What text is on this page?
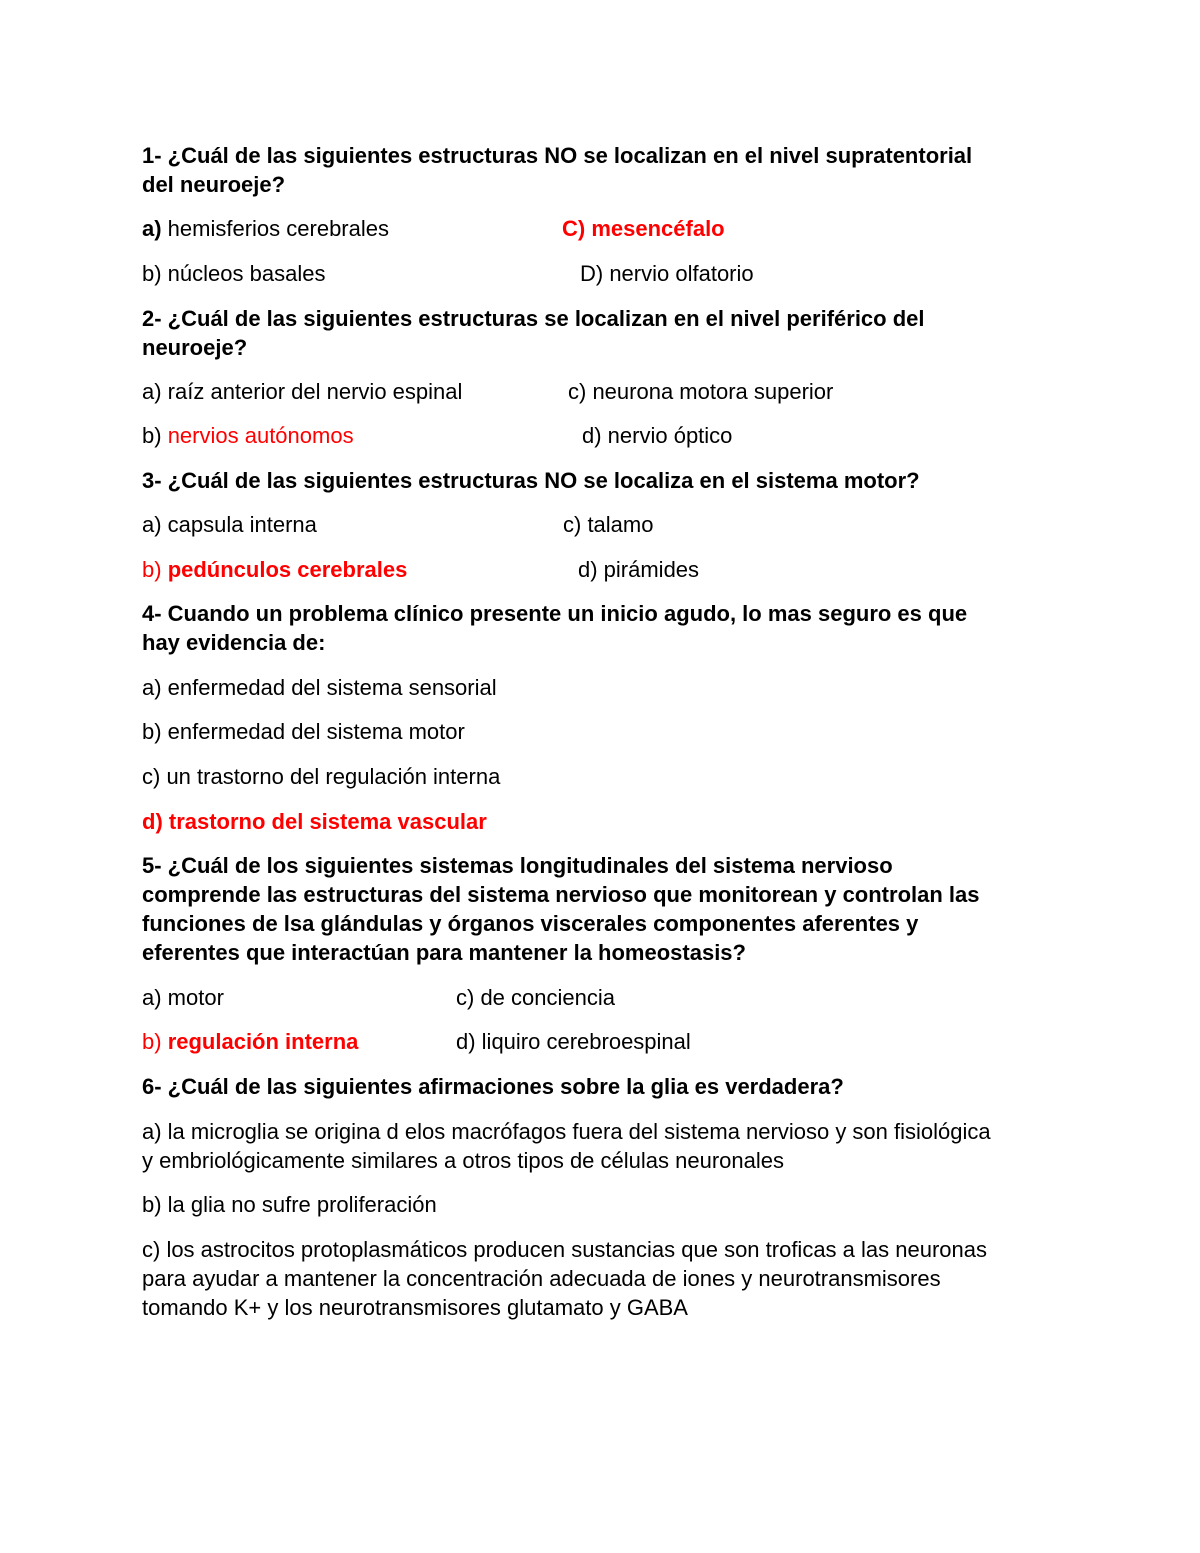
1- ¿Cuál de las siguientes estructuras NO se localizan en el nivel supratentorial
del neuroeje?
a) hemisferios cerebrales	C) mesencéfalo
b) núcleos basales	D) nervio olfatorio
2- ¿Cuál de las siguientes estructuras se localizan en el nivel periférico del
neuroeje?
a) raíz anterior del nervio espinal	c) neurona motora superior
b) nervios autónomos	d) nervio óptico
3- ¿Cuál de las siguientes estructuras NO se localiza en el sistema motor?
a) capsula interna	c) talamo
b) pedúnculos cerebrales	d) pirámides
4- Cuando un problema clínico presente un inicio agudo, lo mas seguro es que
hay evidencia de:
a) enfermedad del sistema sensorial
b) enfermedad del sistema motor
c) un trastorno del regulación interna
d) trastorno del sistema vascular
5- ¿Cuál de los siguientes sistemas longitudinales del sistema nervioso
comprende las estructuras del sistema nervioso que monitorean y controlan las
funciones de lsa glándulas y órganos viscerales componentes aferentes y
eferentes que interactúan para mantener la homeostasis?
a) motor	c) de conciencia
b) regulación interna	d) liquiro cerebroespinal
6- ¿Cuál de las siguientes afirmaciones sobre la glia es verdadera?
a) la microglia se origina d elos macrófagos fuera del sistema nervioso y son fisiológica
y embriológicamente similares a otros tipos de células neuronales
b) la glia no sufre proliferación
c) los astrocitos protoplasmáticos producen sustancias que son troficas a las neuronas
para ayudar a mantener la concentración adecuada de iones y neurotransmisores
tomando K+ y los neurotransmisores glutamato y GABA
